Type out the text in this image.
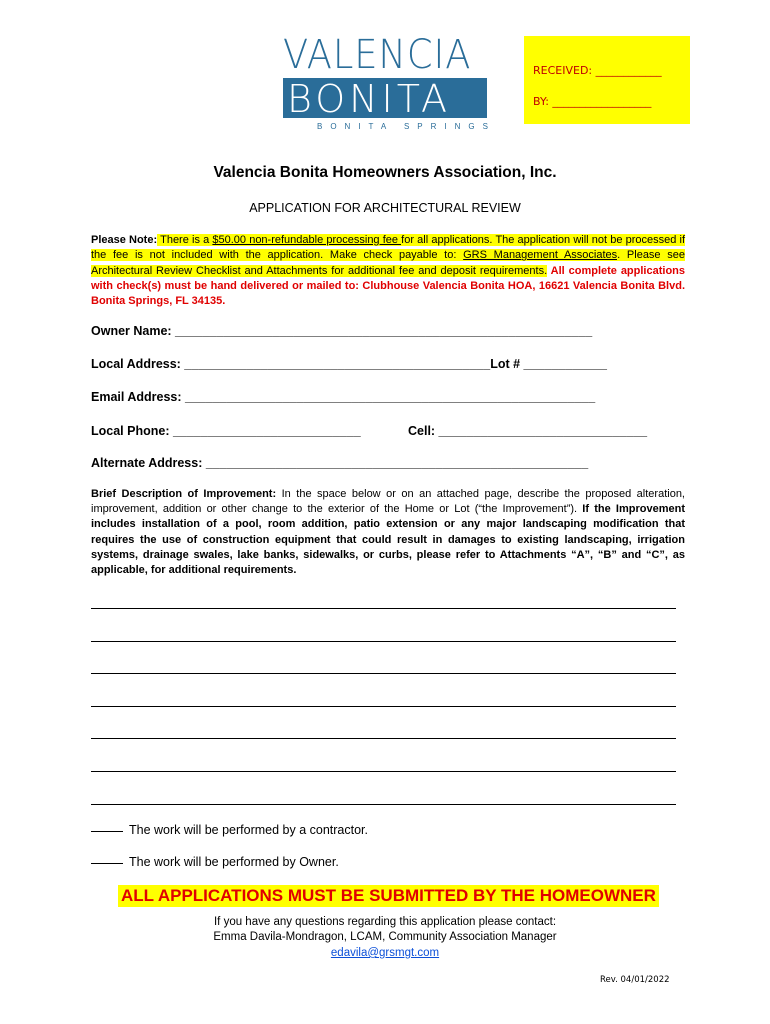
VALENCIA
BONITA
BONITA SPRINGS
RECEIVED: ____________
BY: __________________
Valencia Bonita Homeowners Association, Inc.
APPLICATION FOR ARCHITECTURAL REVIEW
Please Note: There is a $50.00 non-refundable processing fee for all applications. The application will not be processed if the fee is not included with the application. Make check payable to: GRS Management Associates. Please see Architectural Review Checklist and Attachments for additional fee and deposit requirements. All complete applications with check(s) must be hand delivered or mailed to: Clubhouse Valencia Bonita HOA, 16621 Valencia Bonita Blvd. Bonita Springs, FL 34135.
Owner Name: ____________________________________________________________
Local Address: ____________________________________________Lot # ____________
Email Address: ___________________________________________________________
Local Phone: ___________________________	Cell: ______________________________
Alternate Address: _______________________________________________________
Brief Description of Improvement: In the space below or on an attached page, describe the proposed alteration, improvement, addition or other change to the exterior of the Home or Lot (“the Improvement”). If the Improvement includes installation of a pool, room addition, patio extension or any major landscaping modification that requires the use of construction equipment that could result in damages to existing landscaping, irrigation systems, drainage swales, lake banks, sidewalks, or curbs, please refer to Attachments “A”, “B” and “C”, as applicable, for additional requirements.
The work will be performed by a contractor.
The work will be performed by Owner.
ALL APPLICATIONS MUST BE SUBMITTED BY THE HOMEOWNER
If you have any questions regarding this application please contact:
Emma Davila-Mondragon, LCAM, Community Association Manager
edavila@grsmgt.com
Rev. 04/01/2022
